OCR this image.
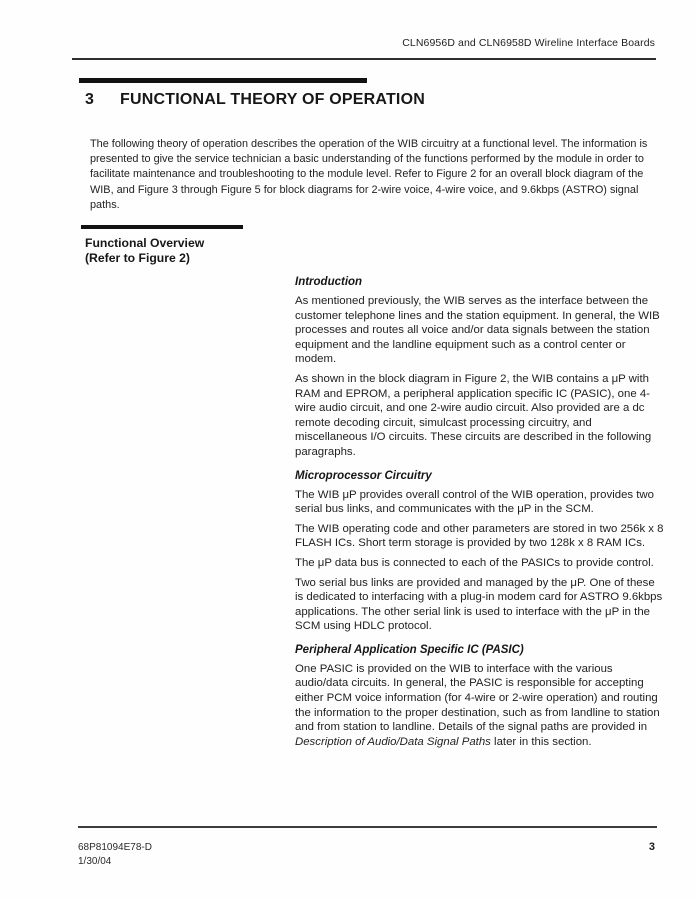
CLN6956D and CLN6958D Wireline Interface Boards
3	FUNCTIONAL THEORY OF OPERATION

The following theory of operation describes the operation of the WIB circuitry at a functional level. The information is presented to give the service technician a basic understanding of the functions performed by the module in order to facilitate maintenance and troubleshooting to the module level. Refer to Figure 2 for an overall block diagram of the WIB, and Figure 3 through Figure 5 for block diagrams for 2-wire voice, 4-wire voice, and 9.6kbps (ASTRO) signal paths.

Functional Overview
(Refer to Figure 2)
Introduction

As mentioned previously, the WIB serves as the interface between the customer telephone lines and the station equipment. In general, the WIB processes and routes all voice and/or data signals between the station equipment and the landline equipment such as a control center or modem.

As shown in the block diagram in Figure 2, the WIB contains a μP with RAM and EPROM, a peripheral application specific IC (PASIC), one 4-wire audio circuit, and one 2-wire audio circuit. Also provided are a dc remote decoding circuit, simulcast processing circuitry, and miscellaneous I/O circuits. These circuits are described in the following paragraphs.

Microprocessor Circuitry

The WIB μP provides overall control of the WIB operation, provides two serial bus links, and communicates with the μP in the SCM.

The WIB operating code and other parameters are stored in two 256k x 8 FLASH ICs. Short term storage is provided by two 128k x 8 RAM ICs.

The μP data bus is connected to each of the PASICs to provide control.

Two serial bus links are provided and managed by the μP. One of these is dedicated to interfacing with a plug-in modem card for ASTRO 9.6kbps applications. The other serial link is used to interface with the μP in the SCM using HDLC protocol.

Peripheral Application Specific IC (PASIC)

One PASIC is provided on the WIB to interface with the various audio/data circuits. In general, the PASIC is responsible for accepting either PCM voice information (for 4-wire or 2-wire operation) and routing the information to the proper destination, such as from landline to station and from station to landline. Details of the signal paths are provided in Description of Audio/Data Signal Paths later in this section.

68P81094E78-D
1/30/04
3
